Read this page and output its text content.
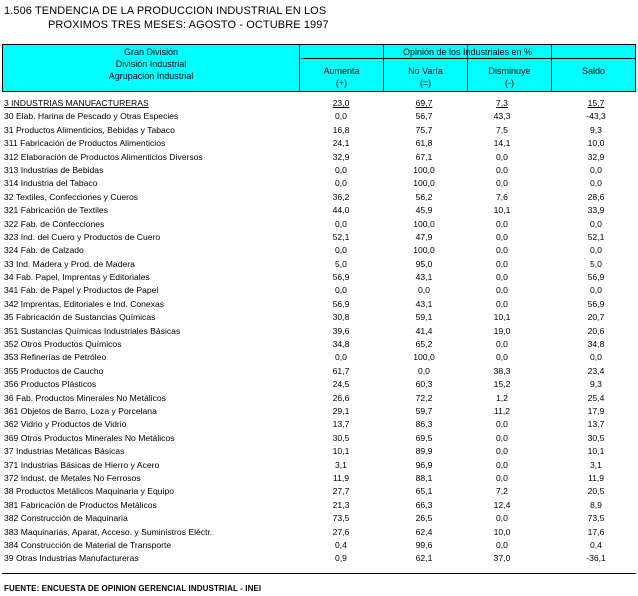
1.506 TENDENCIA DE LA PRODUCCION INDUSTRIAL EN LOS
PROXIMOS TRES MESES: AGOSTO - OCTUBRE 1997
Gran División
División Industrial
Agrupación Industrial
Opinión de los Industriales en %
Aumenta
(+)
No Varía
(=)
Disminuye
(-)
Saldo
3 INDUSTRIAS MANUFACTURERAS	23,0	69,7	7,3	15,7
30 Elab. Harina de Pescado y Otras Especies	0,0	56,7	43,3	-43,3
31 Productos Alimenticios, Bebidas y Tabaco	16,8	75,7	7,5	9,3
311 Fabricación de Productos Alimenticios	24,1	61,8	14,1	10,0
312 Elaboración de Productos Alimenticios Diversos	32,9	67,1	0,0	32,9
313 Industrias de Bebidas	0,0	100,0	0,0	0,0
314 Industria del Tabaco	0,0	100,0	0,0	0,0
32 Textiles, Confecciones y Cueros	36,2	56,2	7,6	28,6
321 Fabricación de Textiles	44,0	45,9	10,1	33,9
322 Fab. de Confecciones	0,0	100,0	0,0	0,0
323 Ind. del Cuero y Productos de Cuero	52,1	47,9	0,0	52,1
324 Fab. de Calzado	0,0	100,0	0,0	0,0
33 Ind. Madera y Prod. de Madera	5,0	95,0	0,0	5,0
34 Fab. Papel, Imprentas y Editoriales	56,9	43,1	0,0	56,9
341 Fab. de Papel y Productos de Papel	0,0	0,0	0,0	0,0
342 Imprentas, Editoriales e Ind. Conexas	56,9	43,1	0,0	56,9
35 Fabricación de Sustancias Químicas	30,8	59,1	10,1	20,7
351 Sustancias Químicas Industriales Básicas	39,6	41,4	19,0	20,6
352 Otros Productos Químicos	34,8	65,2	0,0	34,8
353 Refinerías de Petróleo	0,0	100,0	0,0	0,0
355 Productos de Caucho	61,7	0,0	38,3	23,4
356 Productos Plásticos	24,5	60,3	15,2	9,3
36 Fab. Productos Minerales No Metálicos	26,6	72,2	1,2	25,4
361 Objetos de Barro, Loza y Porcelana	29,1	59,7	11,2	17,9
362 Vidrio y Productos de Vidrio	13,7	86,3	0,0	13,7
369 Otros Productos Minerales No Metálicos	30,5	69,5	0,0	30,5
37 Industrias Metálicas Básicas	10,1	89,9	0,0	10,1
371 Industrias Básicas de Hierro y Acero	3,1	96,9	0,0	3,1
372 Indust. de Metales No Ferrosos	11,9	88,1	0,0	11,9
38 Productos Metálicos Maquinaria y Equipo	27,7	65,1	7,2	20,5
381 Fabricación de Productos Metálicos	21,3	66,3	12,4	8,9
382 Construcción de Maquinaria	73,5	26,5	0,0	73,5
383 Maquinarias, Aparat, Acceso. y Suministros Eléctr.	27,6	62,4	10,0	17,6
384 Construcción de Material de Transporte	0,4	99,6	0,0	0,4
39 Otras Industrias Manufactureras	0,9	62,1	37,0	-36,1
FUENTE: ENCUESTA DE OPINION GERENCIAL INDUSTRIAL - INEI
